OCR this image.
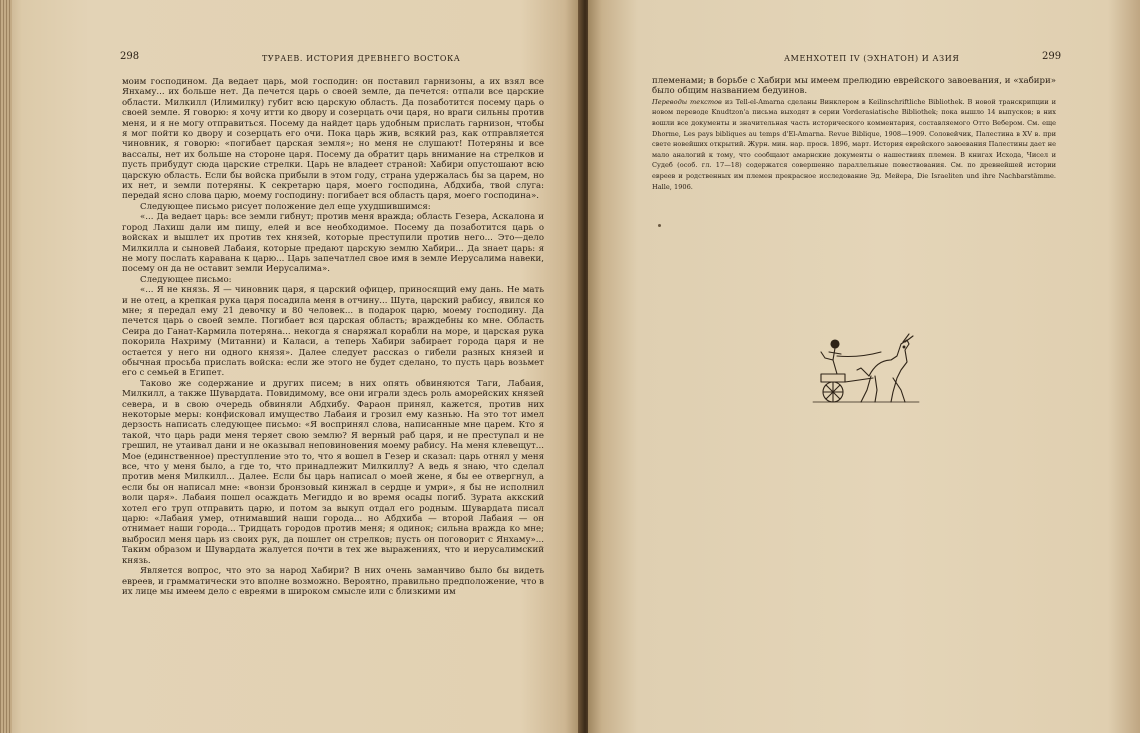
298	ТУРАЕВ. ИСТОРИЯ ДРЕВНЕГО ВОСТОКА

моим господином. Да ведает царь, мой господин: он поставил гарнизоны, а их взял все Янхаму... их больше нет. Да печется царь о своей земле, да печется: отпали все царские области. Милкилл (Илимилку) губит всю царскую область. Да позаботится посему царь о своей земле. Я говорю: я хочу итти ко двору и созерцать очи царя, но враги сильны против меня, и я не могу отправиться. Посему да найдет царь удобным прислать гарнизон, чтобы я мог пойти ко двору и созерцать его очи. Пока царь жив, всякий раз, как отправляется чиновник, я говорю: «погибает царская земля»; но меня не слушают! Потеряны и все вассалы, нет их больше на стороне царя. Посему да обратит царь внимание на стрелков и пусть прибудут сюда царские стрелки. Царь не владеет страной: Хабири опустошают всю царскую область. Если бы войска прибыли в этом году, страна удержалась бы за царем, но их нет, и земли потеряны. К секретарю царя, моего господина, Абдхиба, твой слуга: передай ясно слова царю, моему господину: погибает вся область царя, моего господина».

Следующее письмо рисует положение дел еще ухудшившимся:

«... Да ведает царь: все земли гибнут; против меня вражда; область Гезера, Аскалона и город Лахиш дали им пищу, елей и все необходимое. Посему да позаботится царь о войсках и вышлет их против тех князей, которые преступили против него... Это—дело Милкилла и сыновей Лабаия, которые предают царскую землю Хабири... Да знает царь: я не могу послать каравана к царю... Царь запечатлел свое имя в земле Иерусалима навеки, посему он да не оставит земли Иерусалима».

Следующее письмо:

«... Я не князь. Я — чиновник царя, я царский офицер, приносящий ему дань. Не мать и не отец, а крепкая рука царя посадила меня в отчину... Шута, царский рабису, явился ко мне; я передал ему 21 девочку и 80 человек... в подарок царю, моему господину. Да печется царь о своей земле. Погибает вся царская область; враждебны ко мне. Область Сеира до Ганат-Кармила потеряна... некогда я снаряжал корабли на море, и царская рука покорила Нахриму (Митанни) и Каласи, а теперь Хабири забирает города царя и не остается у него ни одного князя». Далее следует рассказ о гибели разных князей и обычная просьба прислать войска: если же этого не будет сделано, то пусть царь возьмет его с семьей в Египет.

Таково же содержание и других писем; в них опять обвиняются Таги, Лабаия, Милкилл, а также Шувардата. Повидимому, все они играли здесь роль аморейских князей севера, и в свою очередь обвиняли Абдхибу. Фараон принял, кажется, против них некоторые меры: конфисковал имущество Лабаия и грозил ему казнью. На это тот имел дерзость написать следующее письмо: «Я воспринял слова, написанные мне царем. Кто я такой, что царь ради меня теряет свою землю? Я верный раб царя, и не преступал и не грешил, не утаивал дани и не оказывал неповиновения моему рабису. На меня клевещут... Мое (единственное) преступление это то, что я вошел в Гезер и сказал: царь отнял у меня все, что у меня было, а где то, что принадлежит Милкиллу? А ведь я знаю, что сделал против меня Милкилл... Далее. Если бы царь написал о моей жене, я бы ее отвергнул, а если бы он написал мне: «вонзи бронзовый кинжал в сердце и умри», я бы не исполнил воли царя». Лабаия пошел осаждать Мегиддо и во время осады погиб. Зурата аккский хотел его труп отправить царю, и потом за выкуп отдал его родным. Шувардата писал царю: «Лабаия умер, отнимавший наши города... но Абдхиба — второй Лабаия — он отнимает наши города... Тридцать городов против меня; я одинок; сильна вражда ко мне; выбросил меня царь из своих рук, да пошлет он стрелков; пусть он поговорит с Янхаму»... Таким образом и Шувардата жалуется почти в тех же выражениях, что и иерусалимский князь.

Является вопрос, что это за народ Хабири? В них очень заманчиво было бы видеть евреев, и грамматически это вполне возможно. Вероятно, правильно предположение, что в их лице мы имеем дело с евреями в широком смысле или с близкими им

АМЕНХОТЕП IV (ЭХНАТОН) И АЗИЯ	299

племенами; в борьбе с Хабири мы имеем прелюдию еврейского завоевания, и «хабири» было общим названием бедуинов.

Переводы текстов из Tell-el-Amarna сделаны Винклером в Keilinschriftliche Bibliothek. В новой транскрипции и новом переводе Knudtzon'а письма выходят в серии Vorderasiatische Bibliothek; пока вышло 14 выпусков; в них вошли все документы и значительная часть исторического комментария, составляемого Отто Вебером. См. еще Dhorme, Les pays bibliques au temps d'El-Amarna. Revue Biblique, 1908—1909. Соловейчик, Палестина в XV в. при свете новейших открытий. Журн. мин. нар. просв. 1896, март. История еврейского завоевания Палестины дает не мало аналогий к тому, что сообщают амарнские документы о нашествиях племен. В книгах Исхода, Чисел и Судеб (особ. гл. 17—18) содержатся совершенно параллельные повествования. См. по древнейшей истории евреев и родственных им племен прекрасное исследование Эд. Мейера, Die Israeliten und ihre Nachbarstämme. Halle, 1906.
